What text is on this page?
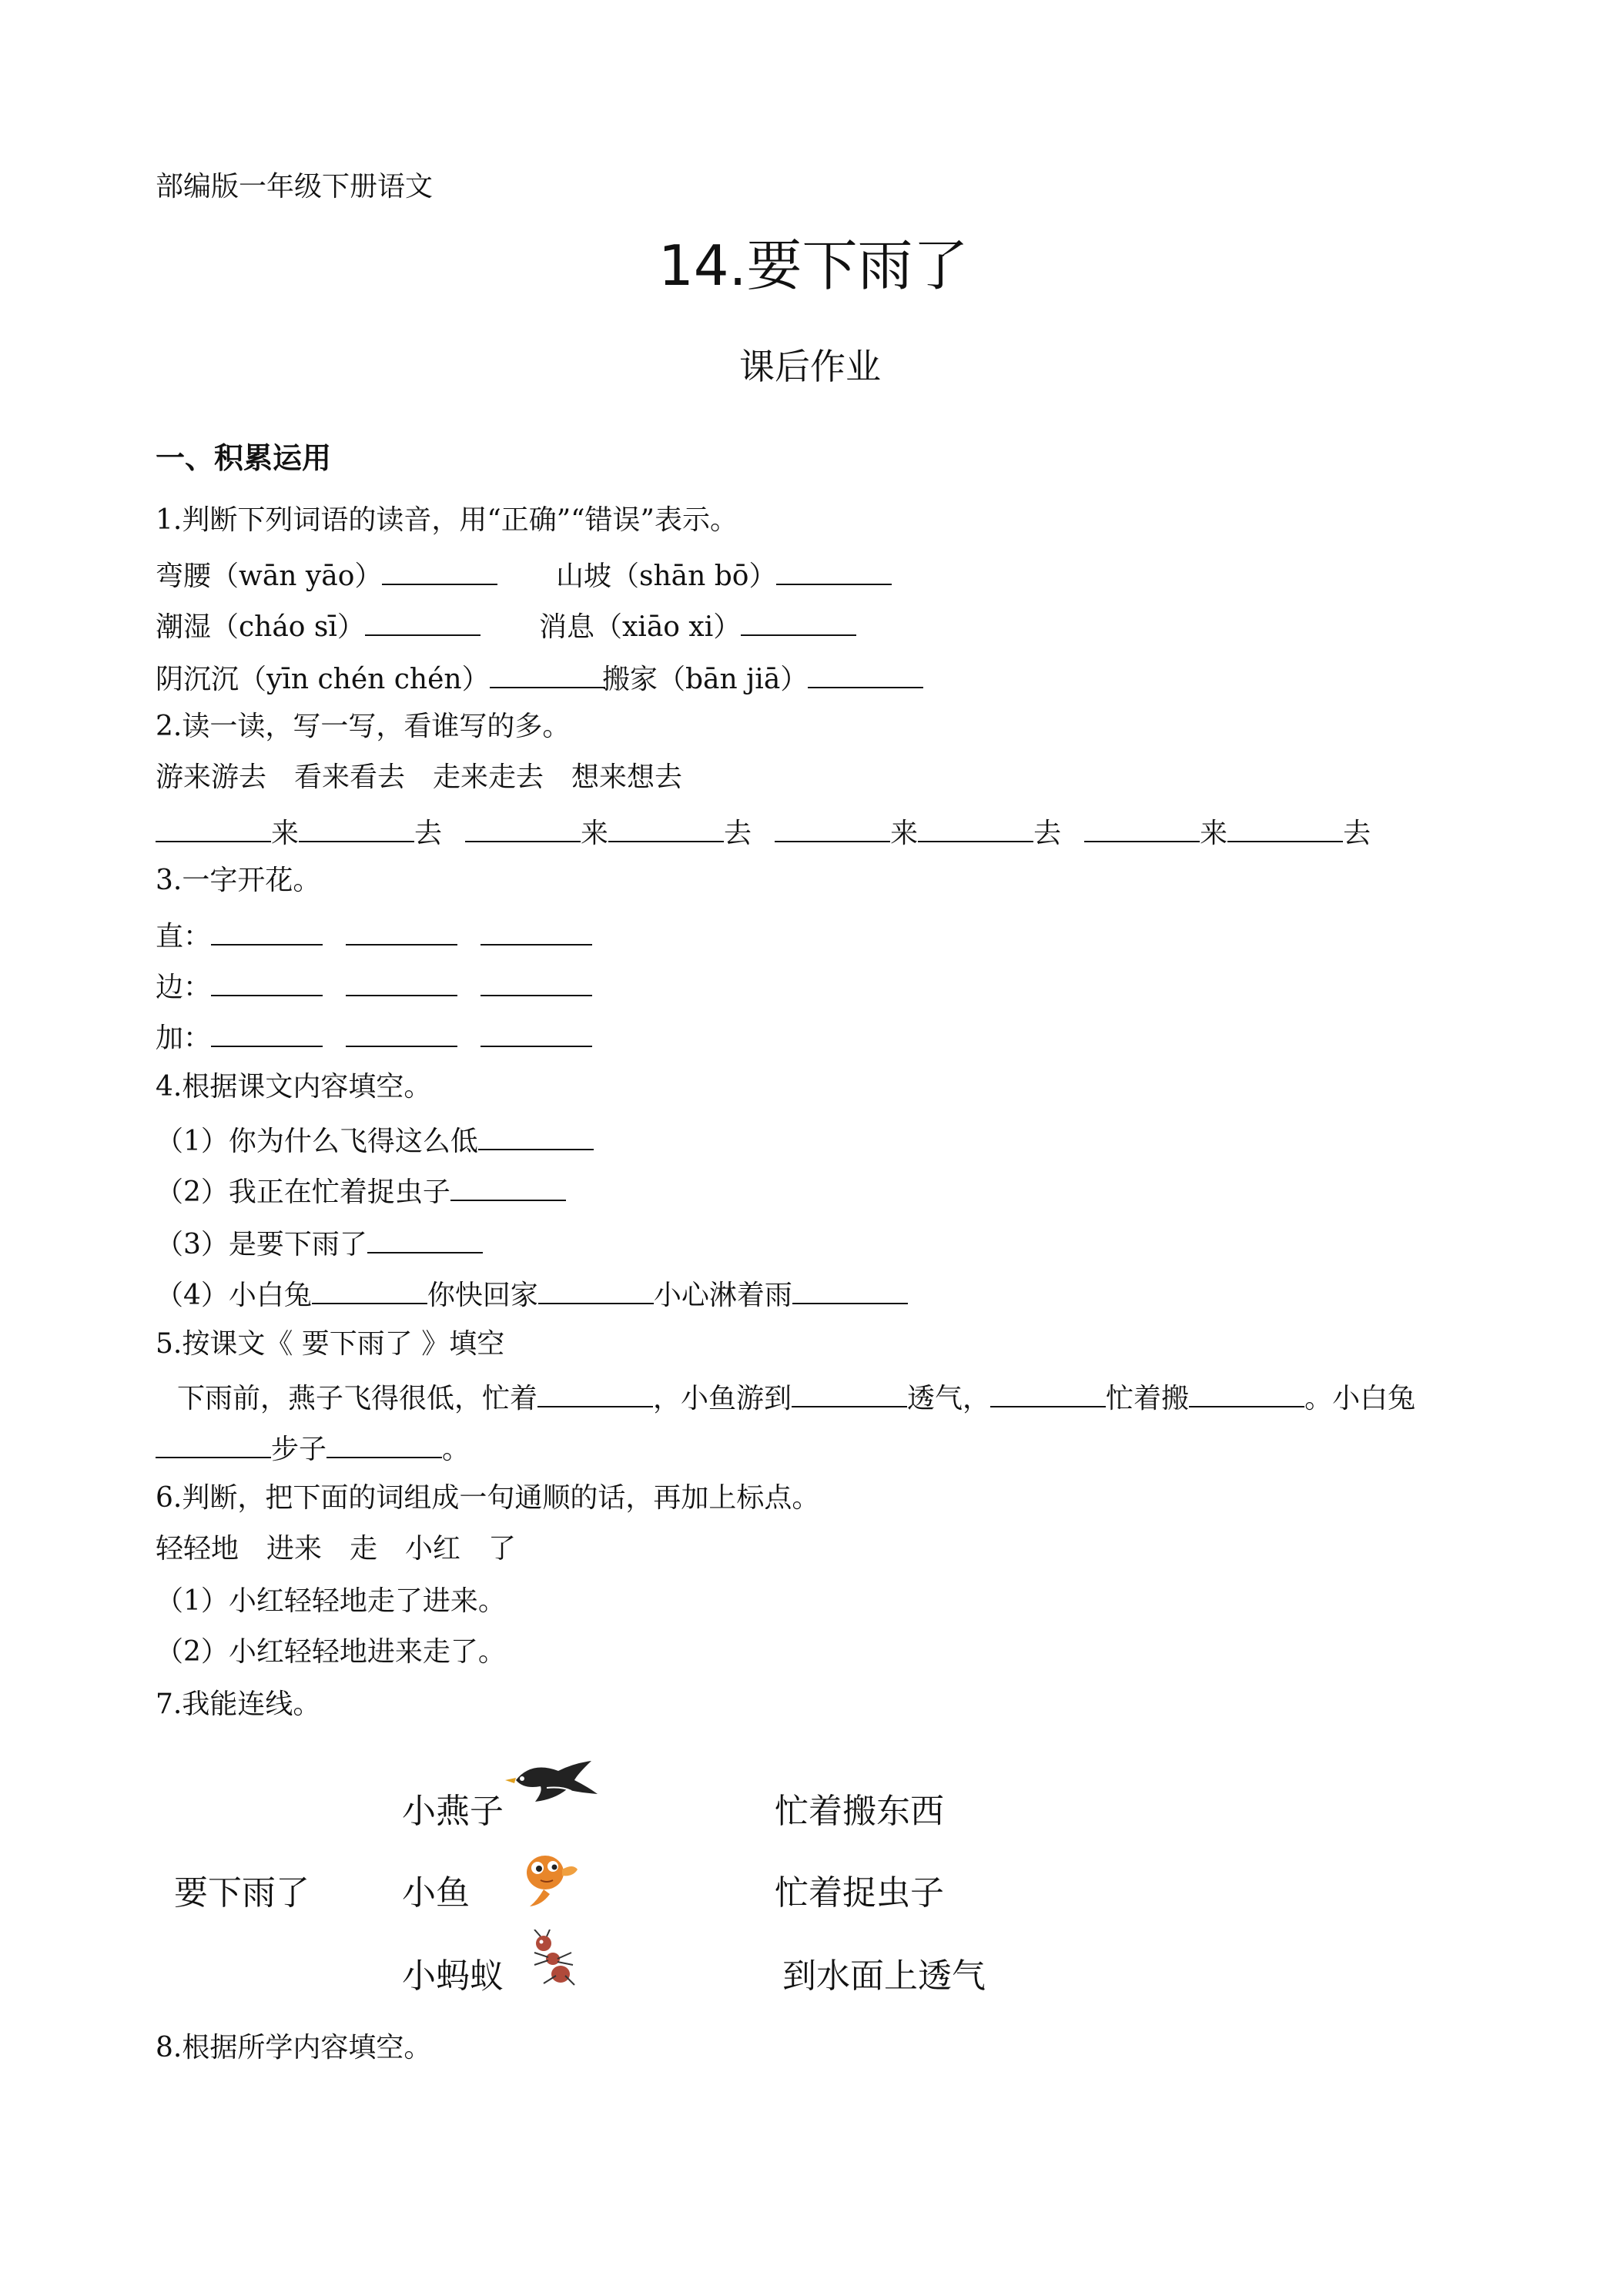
部编版一年级下册语文
14.要下雨了
课后作业
一、积累运用
1.判断下列词语的读音，用“正确”“错误”表示。
弯腰（wān yāo）	山坡（shān bō）
潮湿（cháo sī）	消息（xiāo xi）
阴沉沉（yīn chén chén）	搬家（bān jiā）
2.读一读，写一写，看谁写的多。
游来游去　看来看去　走来走去　想来想去
来	去	来	去	来	去	来	去
3.一字开花。
直：
边：
加：
4.根据课文内容填空。
（1）你为什么飞得这么低
（2）我正在忙着捉虫子
（3）是要下雨了
（4）小白兔	你快回家	小心淋着雨
5.按课文《 要下雨了 》填空
下雨前，燕子飞得很低，忙着	，小鱼游到	透气，	忙着搬	。小白兔
步子	。
6.判断，把下面的词组成一句通顺的话，再加上标点。
轻轻地　进来　走　小红　了
（1）小红轻轻地走了进来。
（2）小红轻轻地进来走了。
7.我能连线。
要下雨了
小燕子
小鱼
小蚂蚁
忙着搬东西
忙着捉虫子
到水面上透气
8.根据所学内容填空。
